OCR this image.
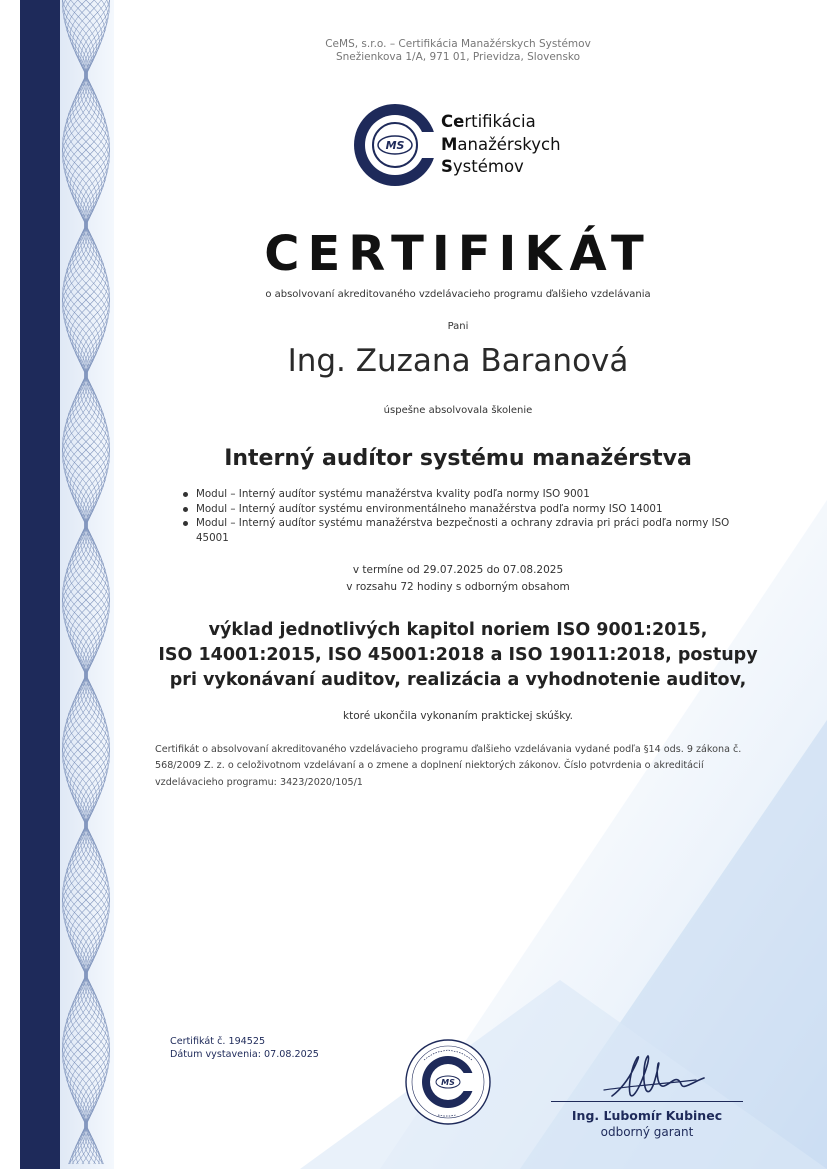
CeMS, s.r.o. – Certifikácia Manažérskych Systémov
Snežienkova 1/A, 971 01, Prievidza, Slovensko
MS
Certifikácia
Manažérskych
Systémov
CERTIFIKÁT
o absolvovaní akreditovaného vzdelávacieho programu ďalšieho vzdelávania
Pani
Ing. Zuzana Baranová
úspešne absolvovala školenie
Interný audítor systému manažérstva
Modul – Interný audítor systému manažérstva kvality podľa normy ISO 9001
Modul – Interný audítor systému environmentálneho manažérstva podľa normy ISO 14001
Modul – Interný audítor systému manažérstva bezpečnosti a ochrany zdravia pri práci podľa normy ISO 45001
v termíne od 29.07.2025 do 07.08.2025
v rozsahu 72 hodiny s odborným obsahom
výklad jednotlivých kapitol noriem ISO 9001:2015,
ISO 14001:2015, ISO 45001:2018 a ISO 19011:2018, postupy
pri vykonávaní auditov, realizácia a vyhodnotenie auditov,
ktoré ukončila vykonaním praktickej skúšky.
Certifikát o absolvovaní akreditovaného vzdelávacieho programu ďalšieho vzdelávania vydané podľa §14 ods. 9 zákona č. 568/2009 Z. z. o celoživotnom vzdelávaní a o zmene a doplnení niektorých zákonov. Číslo potvrdenia o akreditácií vzdelávacieho programu: 3423/2020/105/1
Certifikát č. 194525
Dátum vystavenia: 07.08.2025
MS
Ing. Ľubomír Kubinec
odborný garant
